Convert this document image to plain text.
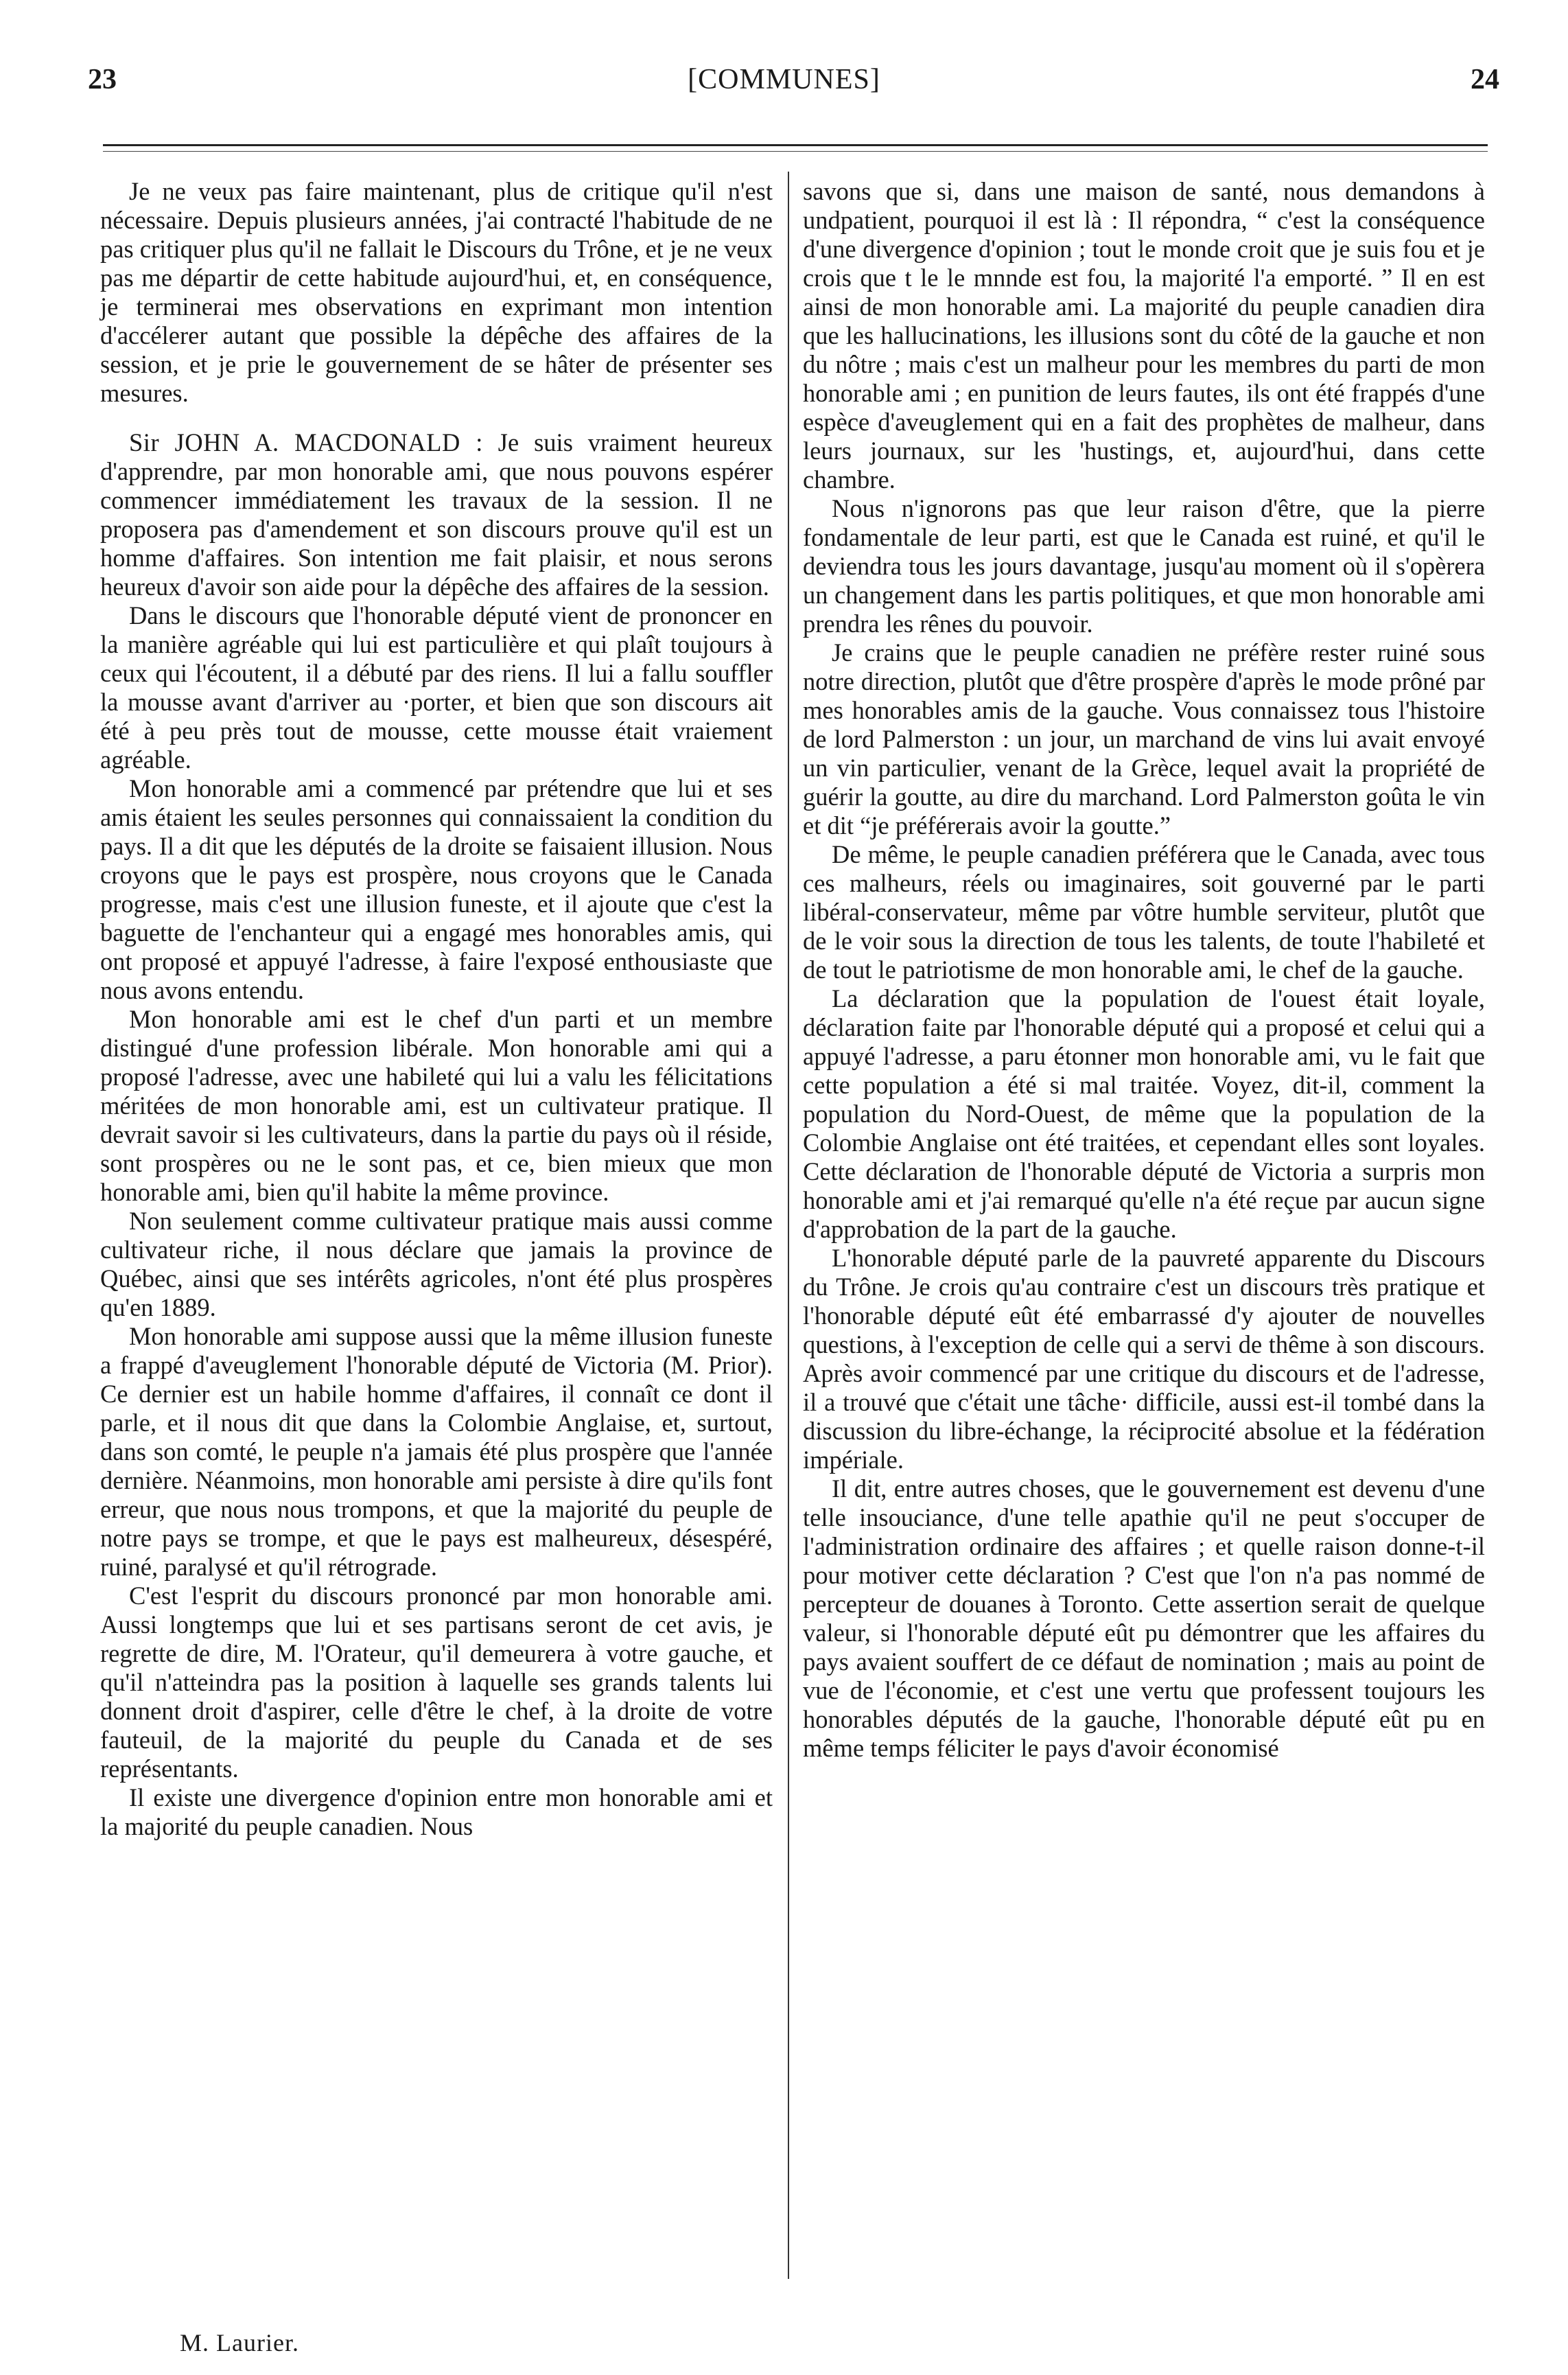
23	[COMMUNES]	24

Je ne veux pas faire maintenant, plus de critique qu'il n'est nécessaire. Depuis plusieurs années, j'ai contracté l'habitude de ne pas critiquer plus qu'il ne fallait le Discours du Trône, et je ne veux pas me départir de cette habitude aujourd'hui, et, en conséquence, je terminerai mes observations en exprimant mon intention d'accélerer autant que possible la dépêche des affaires de la session, et je prie le gouvernement de se hâter de présenter ses mesures.

Sir JOHN A. MACDONALD : Je suis vraiment heureux d'apprendre, par mon honorable ami, que nous pouvons espérer commencer immédiatement les travaux de la session. Il ne proposera pas d'amendement et son discours prouve qu'il est un homme d'affaires. Son intention me fait plaisir, et nous serons heureux d'avoir son aide pour la dépêche des affaires de la session.

Dans le discours que l'honorable député vient de prononcer en la manière agréable qui lui est particulière et qui plaît toujours à ceux qui l'écoutent, il a débuté par des riens. Il lui a fallu souffler la mousse avant d'arriver au ·porter, et bien que son discours ait été à peu près tout de mousse, cette mousse était vraiement agréable.

Mon honorable ami a commencé par prétendre que lui et ses amis étaient les seules personnes qui connaissaient la condition du pays. Il a dit que les députés de la droite se faisaient illusion. Nous croyons que le pays est prospère, nous croyons que le Canada progresse, mais c'est une illusion funeste, et il ajoute que c'est la baguette de l'enchanteur qui a engagé mes honorables amis, qui ont proposé et appuyé l'adresse, à faire l'exposé enthousiaste que nous avons entendu.

Mon honorable ami est le chef d'un parti et un membre distingué d'une profession libérale. Mon honorable ami qui a proposé l'adresse, avec une habileté qui lui a valu les félicitations méritées de mon honorable ami, est un cultivateur pratique. Il devrait savoir si les cultivateurs, dans la partie du pays où il réside, sont prospères ou ne le sont pas, et ce, bien mieux que mon honorable ami, bien qu'il habite la même province.

Non seulement comme cultivateur pratique mais aussi comme cultivateur riche, il nous déclare que jamais la province de Québec, ainsi que ses intérêts agricoles, n'ont été plus prospères qu'en 1889.

Mon honorable ami suppose aussi que la même illusion funeste a frappé d'aveuglement l'honorable député de Victoria (M. Prior). Ce dernier est un habile homme d'affaires, il connaît ce dont il parle, et il nous dit que dans la Colombie Anglaise, et, surtout, dans son comté, le peuple n'a jamais été plus prospère que l'année dernière. Néanmoins, mon honorable ami persiste à dire qu'ils font erreur, que nous nous trompons, et que la majorité du peuple de notre pays se trompe, et que le pays est malheureux, désespéré, ruiné, paralysé et qu'il rétrograde.

C'est l'esprit du discours prononcé par mon honorable ami. Aussi longtemps que lui et ses partisans seront de cet avis, je regrette de dire, M. l'Orateur, qu'il demeurera à votre gauche, et qu'il n'atteindra pas la position à laquelle ses grands talents lui donnent droit d'aspirer, celle d'être le chef, à la droite de votre fauteuil, de la majorité du peuple du Canada et de ses représentants.

Il existe une divergence d'opinion entre mon honorable ami et la majorité du peuple canadien. Nous

savons que si, dans une maison de santé, nous demandons à undpatient, pourquoi il est là : Il répondra, “ c'est la conséquence d'une divergence d'opinion ; tout le monde croit que je suis fou et je crois que t le le mnnde est fou, la majorité l'a emporté. ” Il en est ainsi de mon honorable ami. La majorité du peuple canadien dira que les hallucinations, les illusions sont du côté de la gauche et non du nôtre ; mais c'est un malheur pour les membres du parti de mon honorable ami ; en punition de leurs fautes, ils ont été frappés d'une espèce d'aveuglement qui en a fait des prophètes de malheur, dans leurs journaux, sur les 'hustings, et, aujourd'hui, dans cette chambre.

Nous n'ignorons pas que leur raison d'être, que la pierre fondamentale de leur parti, est que le Canada est ruiné, et qu'il le deviendra tous les jours davantage, jusqu'au moment où il s'opèrera un changement dans les partis politiques, et que mon honorable ami prendra les rênes du pouvoir.

Je crains que le peuple canadien ne préfère rester ruiné sous notre direction, plutôt que d'être prospère d'après le mode prôné par mes honorables amis de la gauche. Vous connaissez tous l'histoire de lord Palmerston : un jour, un marchand de vins lui avait envoyé un vin particulier, venant de la Grèce, lequel avait la propriété de guérir la goutte, au dire du marchand. Lord Palmerston goûta le vin et dit “je préférerais avoir la goutte.”

De même, le peuple canadien préférera que le Canada, avec tous ces malheurs, réels ou imaginaires, soit gouverné par le parti libéral-conservateur, même par vôtre humble serviteur, plutôt que de le voir sous la direction de tous les talents, de toute l'habileté et de tout le patriotisme de mon honorable ami, le chef de la gauche.

La déclaration que la population de l'ouest était loyale, déclaration faite par l'honorable député qui a proposé et celui qui a appuyé l'adresse, a paru étonner mon honorable ami, vu le fait que cette population a été si mal traitée. Voyez, dit-il, comment la population du Nord-Ouest, de même que la population de la Colombie Anglaise ont été traitées, et cependant elles sont loyales. Cette déclaration de l'honorable député de Victoria a surpris mon honorable ami et j'ai remarqué qu'elle n'a été reçue par aucun signe d'approbation de la part de la gauche.

L'honorable député parle de la pauvreté apparente du Discours du Trône. Je crois qu'au contraire c'est un discours très pratique et l'honorable député eût été embarrassé d'y ajouter de nouvelles questions, à l'exception de celle qui a servi de thême à son discours. Après avoir commencé par une critique du discours et de l'adresse, il a trouvé que c'était une tâche· difficile, aussi est-il tombé dans la discussion du libre-échange, la réciprocité absolue et la fédération impériale.

Il dit, entre autres choses, que le gouvernement est devenu d'une telle insouciance, d'une telle apathie qu'il ne peut s'occuper de l'administration ordinaire des affaires ; et quelle raison donne-t-il pour motiver cette déclaration ? C'est que l'on n'a pas nommé de percepteur de douanes à Toronto. Cette assertion serait de quelque valeur, si l'honorable député eût pu démontrer que les affaires du pays avaient souffert de ce défaut de nomination ; mais au point de vue de l'économie, et c'est une vertu que professent toujours les honorables députés de la gauche, l'honorable député eût pu en même temps féliciter le pays d'avoir économisé

M. Laurier.
